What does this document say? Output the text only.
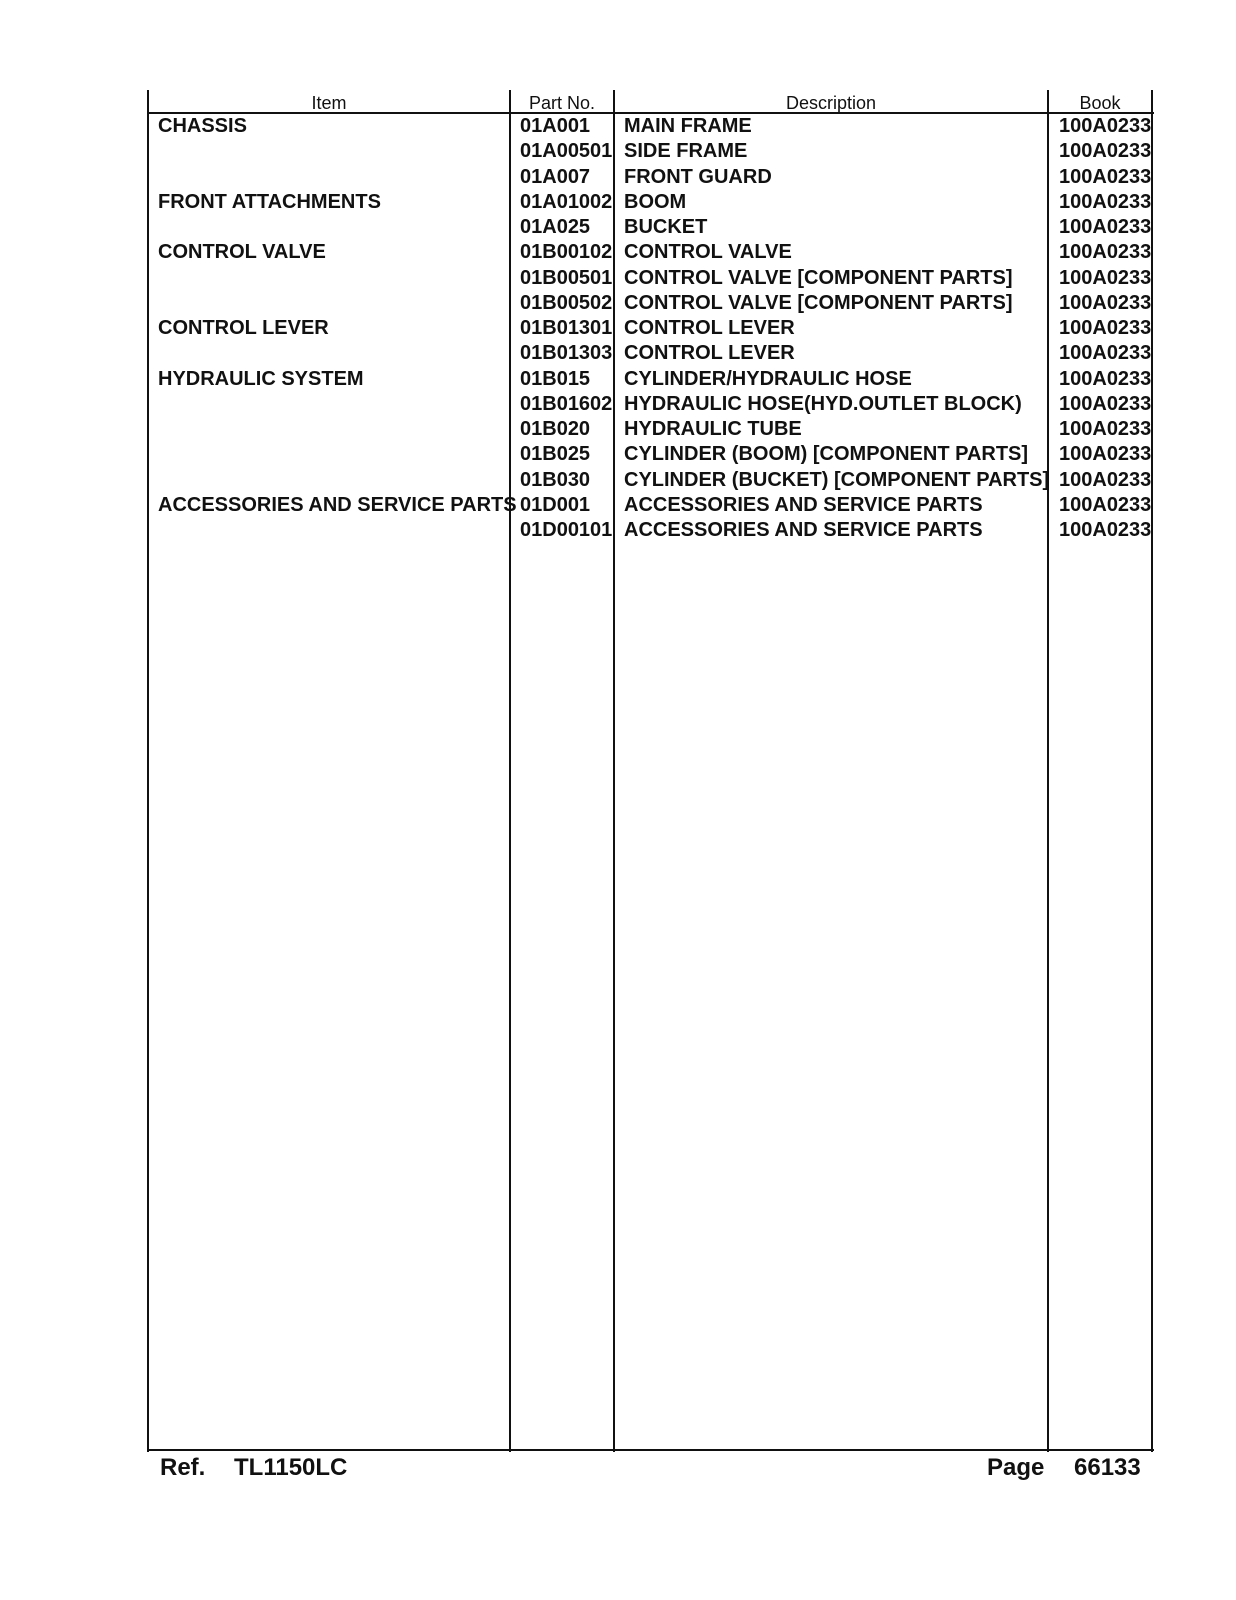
Item	Part No.	Description	Book
CHASSIS	01A001 MAIN FRAME	100A0233
01A00501 SIDE FRAME	100A0233
01A007 FRONT GUARD	100A0233
FRONT ATTACHMENTS	01A01002 BOOM	100A0233
01A025 BUCKET	100A0233
CONTROL VALVE	01B00102 CONTROL VALVE	100A0233
01B00501 CONTROL VALVE [COMPONENT PARTS] 100A0233
01B00502 CONTROL VALVE [COMPONENT PARTS] 100A0233
CONTROL LEVER	01B01301 CONTROL LEVER	100A0233
01B01303 CONTROL LEVER	100A0233
HYDRAULIC SYSTEM	01B015 CYLINDER/HYDRAULIC HOSE	100A0233
01B01602 HYDRAULIC HOSE(HYD.OUTLET BLOCK) 100A0233
01B020 HYDRAULIC TUBE	100A0233
01B025 CYLINDER (BOOM) [COMPONENT PARTS] 100A0233
01B030 CYLINDER (BUCKET) [COMPONENT PARTS] 100A0233
ACCESSORIES AND SERVICE PARTS 01D001 ACCESSORIES AND SERVICE PARTS	100A0233
01D00101 ACCESSORIES AND SERVICE PARTS	100A0233
Ref. TL1150LC	Page 66133
